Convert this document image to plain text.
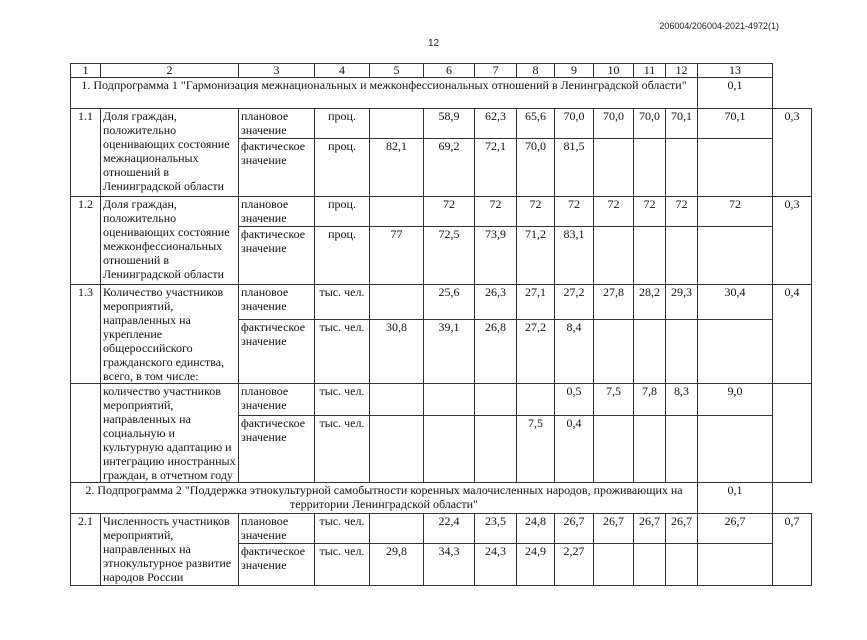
206004/206004-2021-4972(1)
12
1	2	3	4	5	6	7	8	9	10	11	12	13	
1. Подпрограмма 1 "Гармонизация межнациональных и межконфессиональных отношений в Ленинградской области"												0,1	
1.1	Доля граждан, положительно оценивающих состояние межнациональных отношений в Ленинградской области	плановое значение	проц.		58,9	62,3	65,6	70,0	70,0	70,0	70,1	70,1	0,3
		фактическое значение	проц.	82,1	69,2	72,1	70,0	81,5					
1.2	Доля граждан, положительно оценивающих состояние межконфессиональных отношений в Ленинградской области	плановое значение	проц.		72	72	72	72	72	72	72	72	0,3
		фактическое значение	проц.	77	72,5	73,9	71,2	83,1					
1.3	Количество участников мероприятий, направленных на укрепление общероссийского гражданского единства, всего, в том числе:	плановое значение	тыс. чел.		25,6	26,3	27,1	27,2	27,8	28,2	29,3	30,4	0,4
		фактическое значение	тыс. чел.	30,8	39,1	26,8	27,2	8,4					
	количество участников мероприятий, направленных на социальную и культурную адаптацию и интеграцию иностранных граждан, в отчетном году	плановое значение	тыс. чел.					0,5	7,5	7,8	8,3	9,0	
		фактическое значение	тыс. чел.				7,5	0,4					
2. Подпрограмма 2 "Поддержка этнокультурной самобытности коренных малочисленных народов, проживающих на территории Ленинградской области"												0,1	
2.1	Численность участников мероприятий, направленных на этнокультурное развитие народов России	плановое значение	тыс. чел.		22,4	23,5	24,8	26,7	26,7	26,7	26,7	26,7	0,7
		фактическое значение	тыс. чел.	29,8	34,3	24,3	24,9	2,27					
